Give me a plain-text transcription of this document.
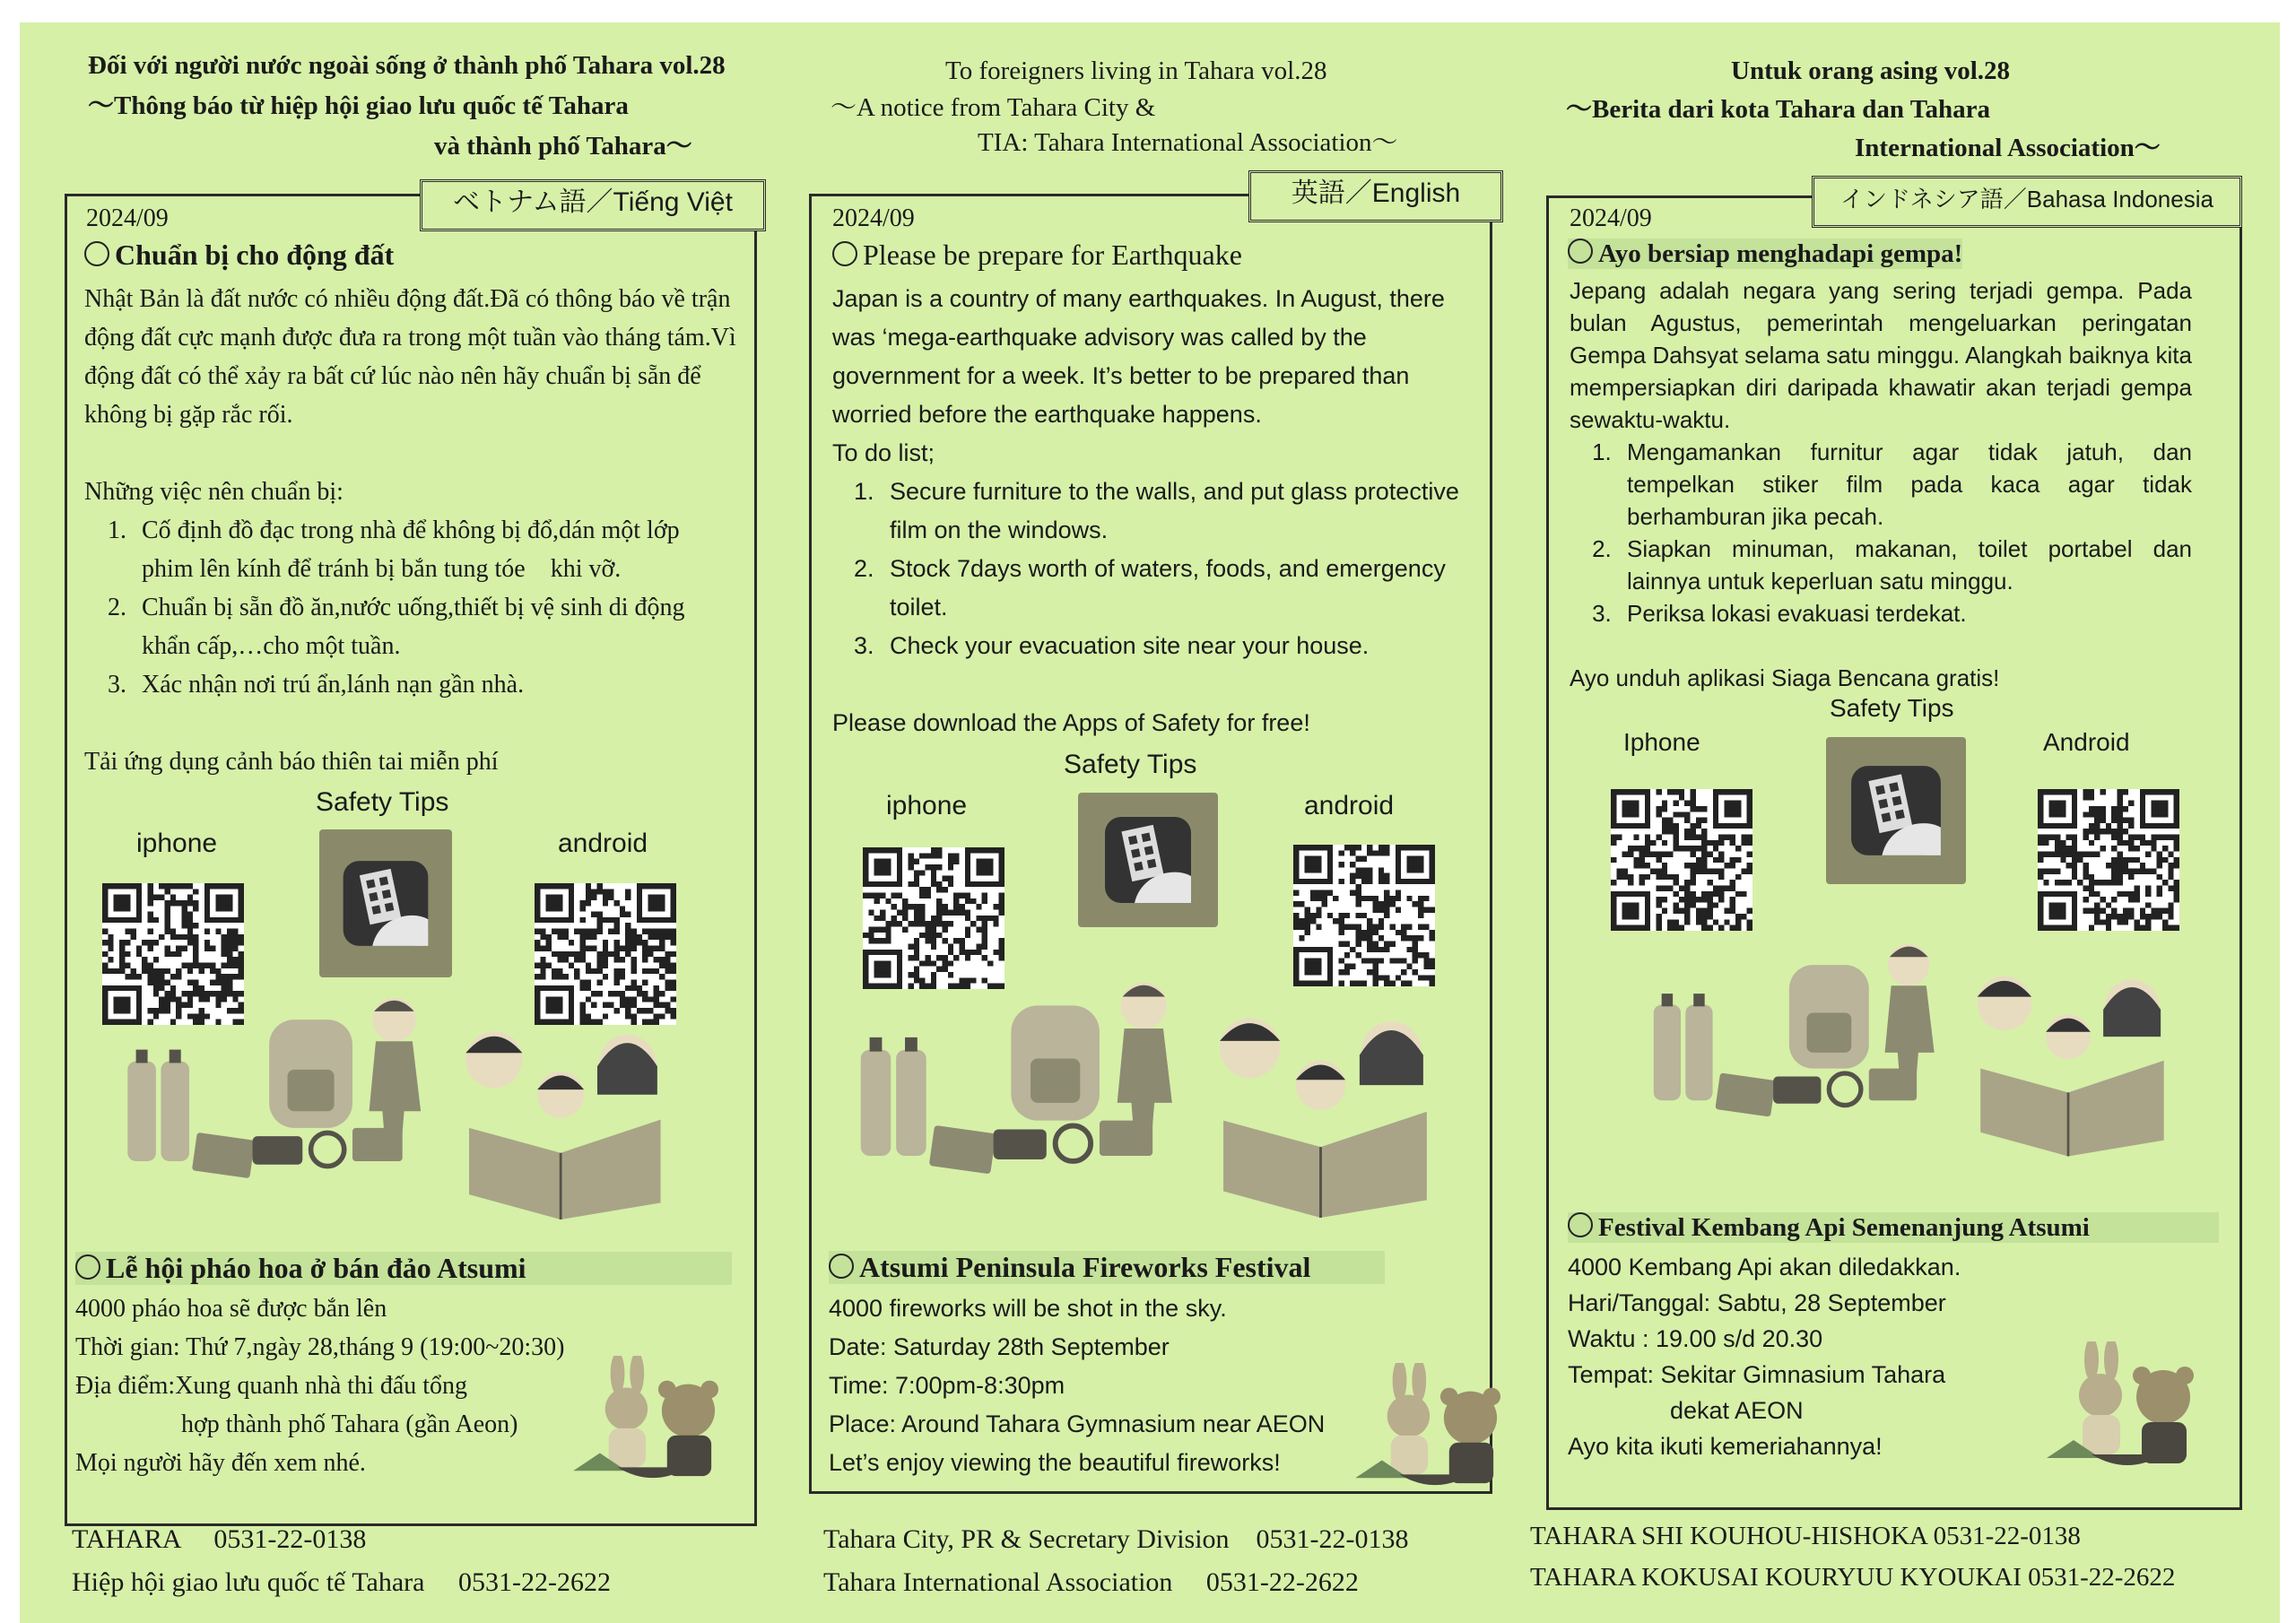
Đối với người nước ngoài sống ở thành phố Tahara vol.28
～Thông báo từ hiệp hội giao lưu quốc tế Tahara
và thành phố Tahara～
ベトナム語／Tiếng Việt
2024/09
Chuẩn bị cho động đất

Nhật Bản là đất nước có nhiều động đất.Đã có thông báo về trận động đất cực mạnh được đưa ra trong một tuần vào tháng tám.Vì động đất có thể xảy ra bất cứ lúc nào nên hãy chuẩn bị sẵn để không bị gặp rắc rối.

Những việc nên chuẩn bị:

1. Cố định đồ đạc trong nhà để không bị đổ,dán một lớp phim lên kính để tránh bị bắn tung tóe　khi vỡ.
2. Chuẩn bị sẵn đồ ăn,nước uống,thiết bị vệ sinh di động khẩn cấp,…cho một tuần.
3. Xác nhận nơi trú ẩn,lánh nạn gần nhà.

Tải ứng dụng cảnh báo thiên tai miễn phí

Safety Tips
iphone	android
Lễ hội pháo hoa ở bán đảo Atsumi

4000 pháo hoa sẽ được bắn lên

Thời gian: Thứ 7,ngày 28,tháng 9 (19:00~20:30)

Địa điểm:Xung quanh nhà thi đấu tổng

hợp thành phố Tahara (gần Aeon)

Mọi người hãy đến xem nhé.

TAHARA　 0531-22-0138
Hiệp hội giao lưu quốc tế Tahara　 0531-22-2622
To foreigners living in Tahara vol.28
～A notice from Tahara City &
TIA: Tahara International Association～
英語／English
2024/09
Please be prepare for Earthquake

Japan is a country of many earthquakes. In August, there was ‘mega-earthquake advisory was called by the government for a week. It’s better to be prepared than worried before the earthquake happens.

To do list;

1. Secure furniture to the walls, and put glass protective film on the windows.
2. Stock 7days worth of waters, foods, and emergency toilet.
3. Check your evacuation site near your house.

Please download the Apps of Safety for free!

Safety Tips
iphone	android
Atsumi Peninsula Fireworks Festival

4000 fireworks will be shot in the sky.

Date: Saturday 28th September

Time: 7:00pm-8:30pm

Place: Around Tahara Gymnasium near AEON

Let’s enjoy viewing the beautiful fireworks!

Tahara City, PR & Secretary Division　0531-22-0138
Tahara International Association　 0531-22-2622
Untuk orang asing vol.28
～Berita dari kota Tahara dan Tahara
International Association～
インドネシア語／Bahasa Indonesia
2024/09
Ayo bersiap menghadapi gempa!

Jepang adalah negara yang sering terjadi gempa. Pada bulan Agustus, pemerintah mengeluarkan peringatan Gempa Dahsyat selama satu minggu. Alangkah baiknya kita mempersiapkan diri daripada khawatir akan terjadi gempa sewaktu-waktu.

1. Mengamankan furnitur agar tidak jatuh, dan tempelkan stiker film pada kaca agar tidak berhamburan jika pecah.
2. Siapkan minuman, makanan, toilet portabel dan lainnya untuk keperluan satu minggu.
3. Periksa lokasi evakuasi terdekat.

Ayo unduh aplikasi Siaga Bencana gratis!

Safety Tips
Iphone	Android
Festival Kembang Api Semenanjung Atsumi

4000 Kembang Api akan diledakkan.

Hari/Tanggal: Sabtu, 28 September

Waktu : 19.00 s/d 20.30

Tempat: Sekitar Gimnasium Tahara

dekat AEON

Ayo kita ikuti kemeriahannya!

TAHARA SHI KOUHOU-HISHOKA 0531-22-0138
TAHARA KOKUSAI KOURYUU KYOUKAI 0531-22-2622
